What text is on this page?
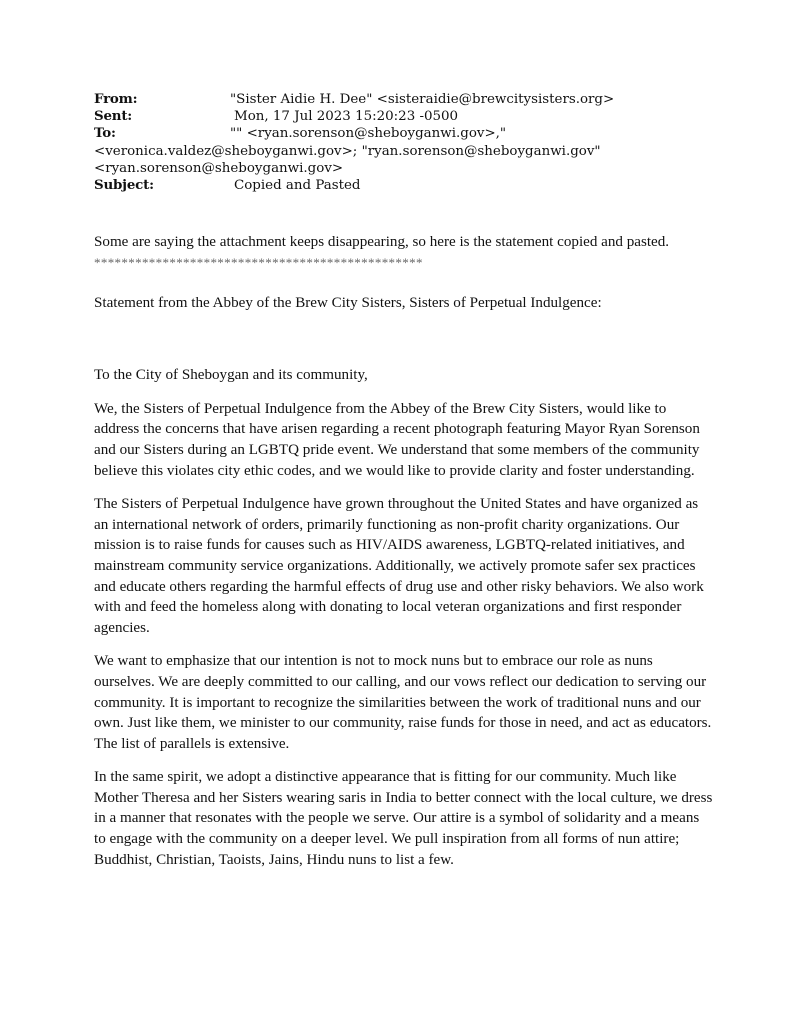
From:	"Sister Aidie H. Dee" <sisteraidie@brewcitysisters.org>
Sent:	Mon, 17 Jul 2023 15:20:23 -0500
To:	"" <ryan.sorenson@sheboyganwi.gov>,"
<veronica.valdez@sheboyganwi.gov>; "ryan.sorenson@sheboyganwi.gov"
<ryan.sorenson@sheboyganwi.gov>
Subject:	Copied and Pasted

Some are saying the attachment keeps disappearing, so here is the statement copied and pasted.

************************************************

Statement from the Abbey of the Brew City Sisters, Sisters of Perpetual Indulgence:

To the City of Sheboygan and its community,

We, the Sisters of Perpetual Indulgence from the Abbey of the Brew City Sisters, would like to address the concerns that have arisen regarding a recent photograph featuring Mayor Ryan Sorenson and our Sisters during an LGBTQ pride event. We understand that some members of the community believe this violates city ethic codes, and we would like to provide clarity and foster understanding.

The Sisters of Perpetual Indulgence have grown throughout the United States and have organized as an international network of orders, primarily functioning as non-profit charity organizations. Our mission is to raise funds for causes such as HIV/AIDS awareness, LGBTQ-related initiatives, and mainstream community service organizations. Additionally, we actively promote safer sex practices and educate others regarding the harmful effects of drug use and other risky behaviors. We also work with and feed the homeless along with donating to local veteran organizations and first responder agencies.

We want to emphasize that our intention is not to mock nuns but to embrace our role as nuns ourselves. We are deeply committed to our calling, and our vows reflect our dedication to serving our community. It is important to recognize the similarities between the work of traditional nuns and our own. Just like them, we minister to our community, raise funds for those in need, and act as educators. The list of parallels is extensive.

In the same spirit, we adopt a distinctive appearance that is fitting for our community. Much like Mother Theresa and her Sisters wearing saris in India to better connect with the local culture, we dress in a manner that resonates with the people we serve. Our attire is a symbol of solidarity and a means to engage with the community on a deeper level. We pull inspiration from all forms of nun attire; Buddhist, Christian, Taoists, Jains, Hindu nuns to list a few.
